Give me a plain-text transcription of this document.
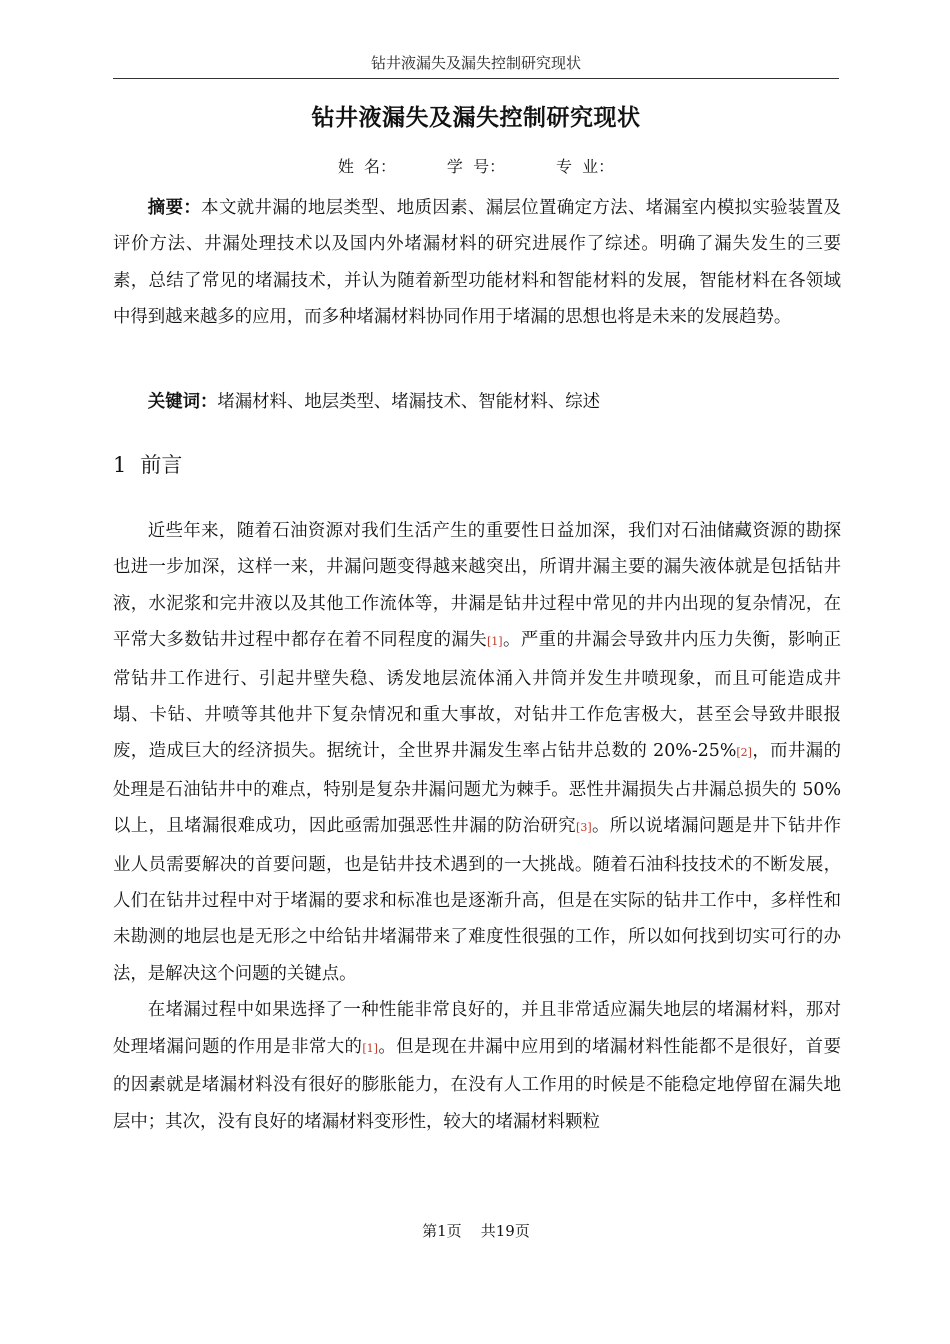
钻井液漏失及漏失控制研究现状
钻井液漏失及漏失控制研究现状
姓  名：	学  号：	专  业：

摘要：本文就井漏的地层类型、地质因素、漏层位置确定方法、堵漏室内模拟实验装置及评价方法、井漏处理技术以及国内外堵漏材料的研究进展作了综述。明确了漏失发生的三要素，总结了常见的堵漏技术，并认为随着新型功能材料和智能材料的发展，智能材料在各领域中得到越来越多的应用，而多种堵漏材料协同作用于堵漏的思想也将是未来的发展趋势。

关键词：堵漏材料、地层类型、堵漏技术、智能材料、综述

1 前言

近些年来，随着石油资源对我们生活产生的重要性日益加深，我们对石油储藏资源的勘探也进一步加深，这样一来，井漏问题变得越来越突出，所谓井漏主要的漏失液体就是包括钻井液，水泥浆和完井液以及其他工作流体等，井漏是钻井过程中常见的井内出现的复杂情况，在平常大多数钻井过程中都存在着不同程度的漏失[1]。严重的井漏会导致井内压力失衡，影响正常钻井工作进行、引起井壁失稳、诱发地层流体涌入井筒并发生井喷现象，而且可能造成井塌、卡钻、井喷等其他井下复杂情况和重大事故，对钻井工作危害极大，甚至会导致井眼报废，造成巨大的经济损失。据统计，全世界井漏发生率占钻井总数的 20%-25%[2]，而井漏的处理是石油钻井中的难点，特别是复杂井漏问题尤为棘手。恶性井漏损失占井漏总损失的 50%以上，且堵漏很难成功，因此亟需加强恶性井漏的防治研究[3]。所以说堵漏问题是井下钻井作业人员需要解决的首要问题，也是钻井技术遇到的一大挑战。随着石油科技技术的不断发展，人们在钻井过程中对于堵漏的要求和标准也是逐渐升高，但是在实际的钻井工作中，多样性和未勘测的地层也是无形之中给钻井堵漏带来了难度性很强的工作，所以如何找到切实可行的办法，是解决这个问题的关键点。

在堵漏过程中如果选择了一种性能非常良好的，并且非常适应漏失地层的堵漏材料，那对处理堵漏问题的作用是非常大的[1]。但是现在井漏中应用到的堵漏材料性能都不是很好，首要的因素就是堵漏材料没有很好的膨胀能力，在没有人工作用的时候是不能稳定地停留在漏失地层中；其次，没有良好的堵漏材料变形性，较大的堵漏材料颗粒

第1页 共19页
